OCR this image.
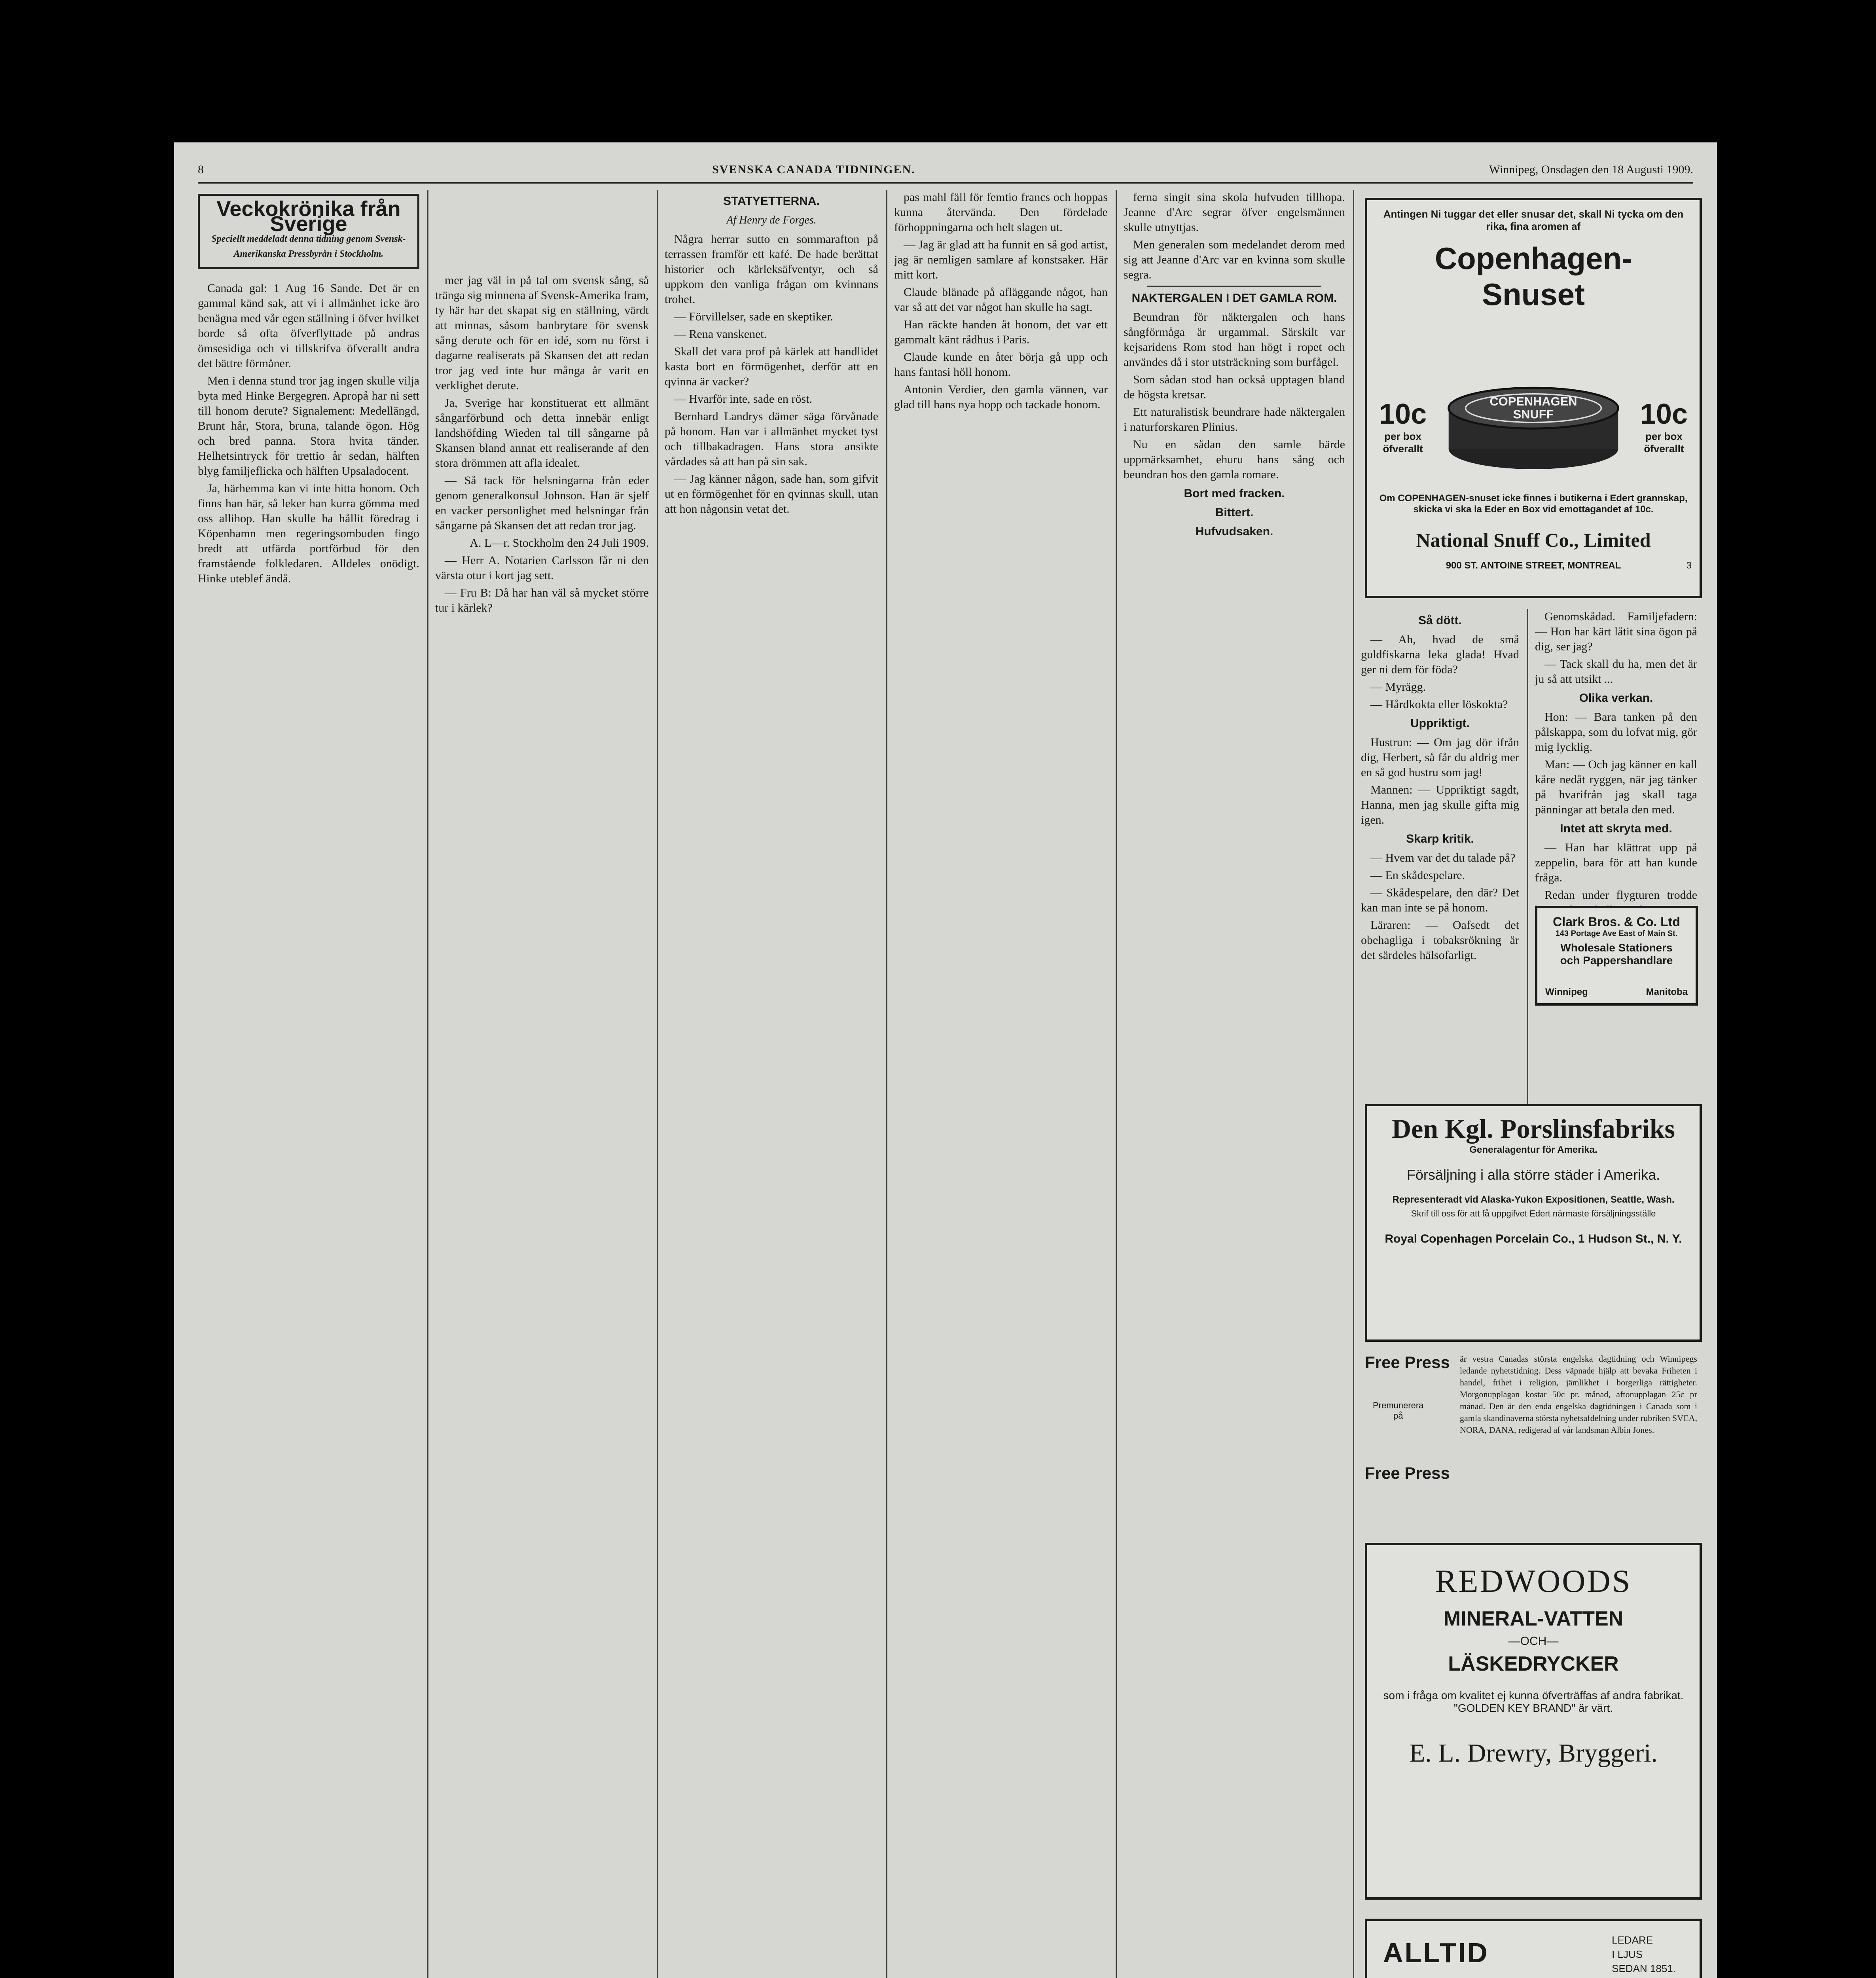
8	SVENSKA CANADA TIDNINGEN.	Winnipeg, Onsdagen den 18 Augusti 1909.
Veckokrönika från Sverige
Speciellt meddeladt denna tidning genom Svensk-Amerikanska Pressbyrån i Stockholm.

Canada gal: 1 Aug 16 Sande. Det är en gammal känd sak, att vi i allmänhet icke äro benägna med vår egen ställning i öfver hvilket borde så ofta öfverflyttade på andras ömsesidiga och vi tillskrifva öfverallt andra det bättre förmåner.

Men i denna stund tror jag ingen skulle vilja byta med Hinke Bergegren. Apropå har ni sett till honom derute? Signalement: Medellängd, Brunt hår, Stora, bruna, talande ögon. Hög och bred panna. Stora hvita tänder. Helhetsintryck för trettio år sedan, hälften blyg familjeflicka och hälften Upsaladocent.

Ja, härhemma kan vi inte hitta honom. Och finns han här, så leker han kurra gömma med oss allihop. Han skulle ha hållit föredrag i Köpenhamn men regeringsombuden fingo bredt att utfärda portförbud för den framstående folkledaren. Alldeles onödigt. Hinke uteblef ändå.

mer jag väl in på tal om svensk sång, så tränga sig minnena af Svensk-Amerika fram, ty här har det skapat sig en ställning, värdt att minnas, såsom banbrytare för svensk sång derute och för en idé, som nu först i dagarne realiserats på Skansen det att redan tror jag ved inte hur många år varit en verklighet derute.

Ja, Sverige har konstituerat ett allmänt sångarförbund och detta innebär enligt landshöfding Wieden tal till sångarne på Skansen bland annat ett realiserande af den stora drömmen att afla idealet.

— Så tack för helsningarna från eder genom generalkonsul Johnson. Han är sjelf en vacker personlighet med helsningar från sångarne på Skansen det att redan tror jag.

A. L—r. Stockholm den 24 Juli 1909.

— Herr A. Notarien Carlsson får ni den värsta otur i kort jag sett.

— Fru B: Då har han väl så mycket större tur i kärlek?

STATYETTERNA.
Af Henry de Forges.

Några herrar sutto en sommarafton på terrassen framför ett kafé. De hade berättat historier och kärleksäfventyr, och så uppkom den vanliga frågan om kvinnans trohet.

— Förvillelser, sade en skeptiker.

— Rena vanskenet.

Skall det vara prof på kärlek att handlidet kasta bort en förmögenhet, derför att en qvinna är vacker?

— Hvarför inte, sade en röst.

Bernhard Landrys dämer säga förvånade på honom. Han var i allmänhet mycket tyst och tillbakadragen. Hans stora ansikte vårdades så att han på sin sak.

— Jag känner någon, sade han, som gifvit ut en förmögenhet för en qvinnas skull, utan att hon någonsin vetat det.

pas mahl fäll för femtio francs och hoppas kunna återvända. Den fördelade förhoppningarna och helt slagen ut.

— Jag är glad att ha funnit en så god artist, jag är nemligen samlare af konstsaker. Här mitt kort.

Claude blänade på afläggande något, han var så att det var något han skulle ha sagt.

Han räckte handen åt honom, det var ett gammalt känt rådhus i Paris.

Claude kunde en åter börja gå upp och hans fantasi höll honom.

Antonin Verdier, den gamla vännen, var glad till hans nya hopp och tackade honom.

ferna singit sina skola hufvuden tillhopa. Jeanne d'Arc segrar öfver engelsmännen skulle utnyttjas.

Men generalen som medelandet derom med sig att Jeanne d'Arc var en kvinna som skulle segra.

NAKTERGALEN I DET GAMLA ROM.

Beundran för näktergalen och hans sångförmåga är urgammal. Särskilt var kejsaridens Rom stod han högt i ropet och användes då i stor utsträckning som burfågel.

Som sådan stod han också upptagen bland de högsta kretsar.

Ett naturalistisk beundrare hade näktergalen i naturforskaren Plinius.

Nu en sådan den samle bärde uppmärksamhet, ehuru hans sång och beundran hos den gamla romare.

Bort med fracken.
Bittert.
Hufvudsaken.
Antingen Ni tuggar det eller snusar det, skall Ni tycka om den rika, fina aromen af
Copenhagen-
Snuset
10c
per box
öfverallt
10c
per box
öfverallt
COPENHAGEN
SNUFF
Om COPENHAGEN-snuset icke finnes i butikerna i Edert grannskap, skicka vi ska la Eder en Box vid emottagandet af 10c.
National Snuff Co., Limited
900 ST. ANTOINE STREET, MONTREAL	3
Så dött.

— Ah, hvad de små guldfiskarna leka glada! Hvad ger ni dem för föda?

— Myrägg.

— Hårdkokta eller löskokta?

Uppriktigt.

Hustrun: — Om jag dör ifrån dig, Herbert, så får du aldrig mer en så god hustru som jag!

Mannen: — Uppriktigt sagdt, Hanna, men jag skulle gifta mig igen.

Skarp kritik.

— Hvem var det du talade på?

— En skådespelare.

— Skådespelare, den där? Det kan man inte se på honom.

Läraren: — Oafsedt det obehagliga i tobaksrökning är det särdeles hälsofarligt.

Genomskådad. Familjefadern: — Hon har kärt låtit sina ögon på dig, ser jag?

— Tack skall du ha, men det är ju så att utsikt ...

Olika verkan.

Hon: — Bara tanken på den pålskappa, som du lofvat mig, gör mig lycklig.

Man: — Och jag känner en kall kåre nedåt ryggen, när jag tänker på hvarifrån jag skall taga pänningar att betala den med.

Intet att skryta med.

— Han har klättrat upp på zeppelin, bara för att han kunde fråga.

Redan under flygturen trodde

Clark Bros. & Co. Ltd
143 Portage Ave East of Main St.
Wholesale Stationers
och Pappershandlare
Winnipeg	Manitoba
Den Kgl. Porslinsfabriks
Generalagentur för Amerika.
Försäljning i alla större städer i Amerika.
Representeradt vid Alaska-Yukon Expositionen, Seattle, Wash.
Skrif till oss för att få uppgifvet Edert närmaste försäljningsställe
Royal Copenhagen Porcelain Co., 1 Hudson St., N. Y.
Free Press
Premunerera
på
Free Press
är vestra Canadas största engelska dagtidning och Winnipegs ledande nyhetstidning. Dess väpnade hjälp att bevaka Friheten i handel, frihet i religion, jämlikhet i borgerliga rättigheter. Morgonupplagan kostar 50c pr. månad, aftonupplagan 25c pr månad. Den är den enda engelska dagtidningen i Canada som i gamla skandinaverna största nyhetsafdelning under rubriken SVEA, NORA, DANA, redigerad af vår landsman Albin Jones.
REDWOODS
MINERAL-VATTEN
—OCH—
LÄSKEDRYCKER
som i fråga om kvalitet ej kunna öfverträffas af andra fabrikat. "GOLDEN KEY BRAND" är värt.
E. L. Drewry, Bryggeri.
ALLTID	LEDARE
I LJUS
SEDAN 1851.
